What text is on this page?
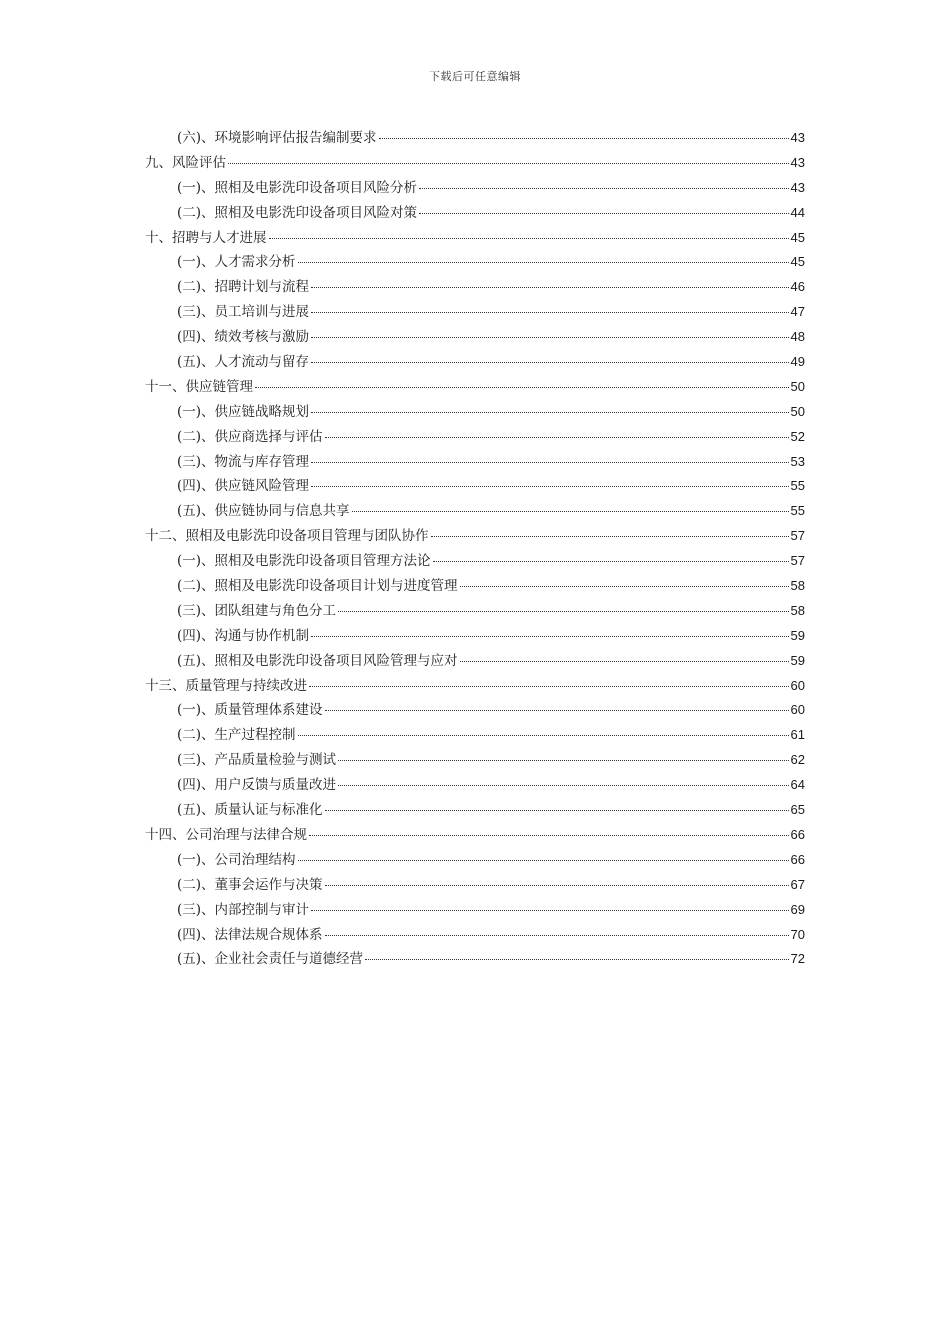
下载后可任意编辑
(六)、环境影响评估报告编制要求	43
九、风险评估	43
(一)、照相及电影洗印设备项目风险分析	43
(二)、照相及电影洗印设备项目风险对策	44
十、招聘与人才进展	45
(一)、人才需求分析	45
(二)、招聘计划与流程	46
(三)、员工培训与进展	47
(四)、绩效考核与激励	48
(五)、人才流动与留存	49
十一、供应链管理	50
(一)、供应链战略规划	50
(二)、供应商选择与评估	52
(三)、物流与库存管理	53
(四)、供应链风险管理	55
(五)、供应链协同与信息共享	55
十二、照相及电影洗印设备项目管理与团队协作	57
(一)、照相及电影洗印设备项目管理方法论	57
(二)、照相及电影洗印设备项目计划与进度管理	58
(三)、团队组建与角色分工	58
(四)、沟通与协作机制	59
(五)、照相及电影洗印设备项目风险管理与应对	59
十三、质量管理与持续改进	60
(一)、质量管理体系建设	60
(二)、生产过程控制	61
(三)、产品质量检验与测试	62
(四)、用户反馈与质量改进	64
(五)、质量认证与标准化	65
十四、公司治理与法律合规	66
(一)、公司治理结构	66
(二)、董事会运作与决策	67
(三)、内部控制与审计	69
(四)、法律法规合规体系	70
(五)、企业社会责任与道德经营	72
